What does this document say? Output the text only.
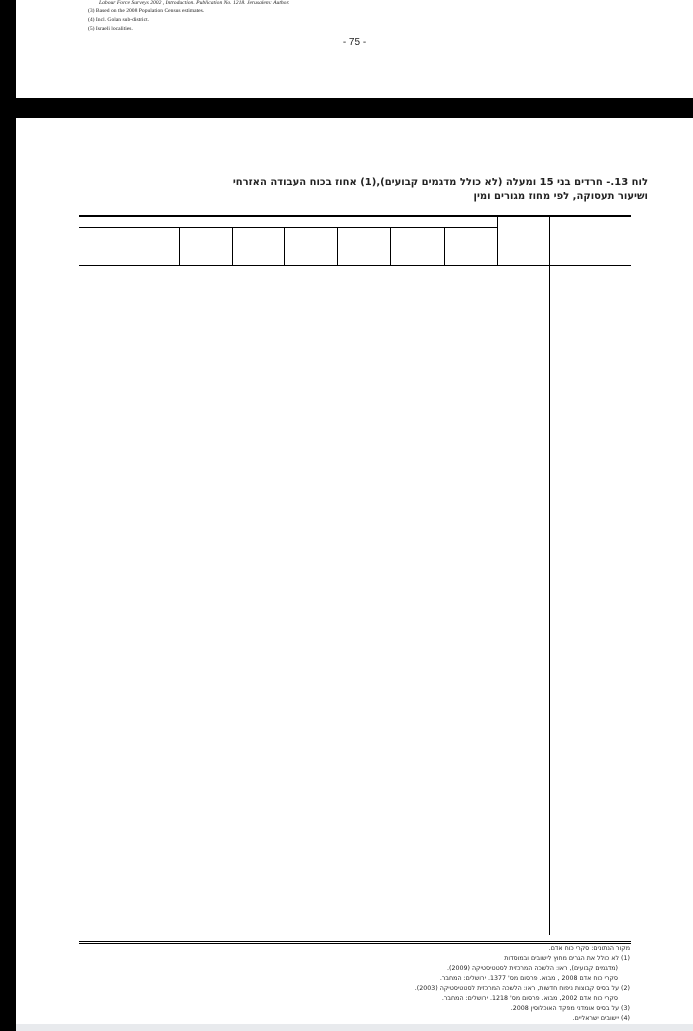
Labour Force Surveys 2002 , Introduction. Publication No. 1218. Jerusalem: Author.
(3) Based on the 2008 Population Census estimates.
(4) Incl. Golan sub-district.
(5) Israeli localities.
- 75 -
לוח 13.- חרדים בני 15 ומעלה (לא כולל מדגמים קבועים),(1) אחוז בכוח העבודה האזרחי
ושיעור תעסוקה, לפי מחוז מגורים ומין
מקור הנתונים: סקרי כוח אדם.
(1) לא כולל את הגרים מחוץ לישובים ובמוסדות
(מדגמים קבועים), ראו: הלשכה המרכזית לסטטיסטיקה (2009).
סקרי כוח אדם 2008 , מבוא. פרסום מס' 1377. ירושלים: המחבר.
(2) על בסיס קבוצות ניפוח חדשות, ראו: הלשכה המרכזית לסטטיסטיקה (2003).
סקרי כוח אדם 2002, מבוא. פרסום מס' 1218. ירושלים: המחבר.
(3) על בסיס אומדני מפקד האוכלוסין 2008.
(4) יישובים ישראליים.
